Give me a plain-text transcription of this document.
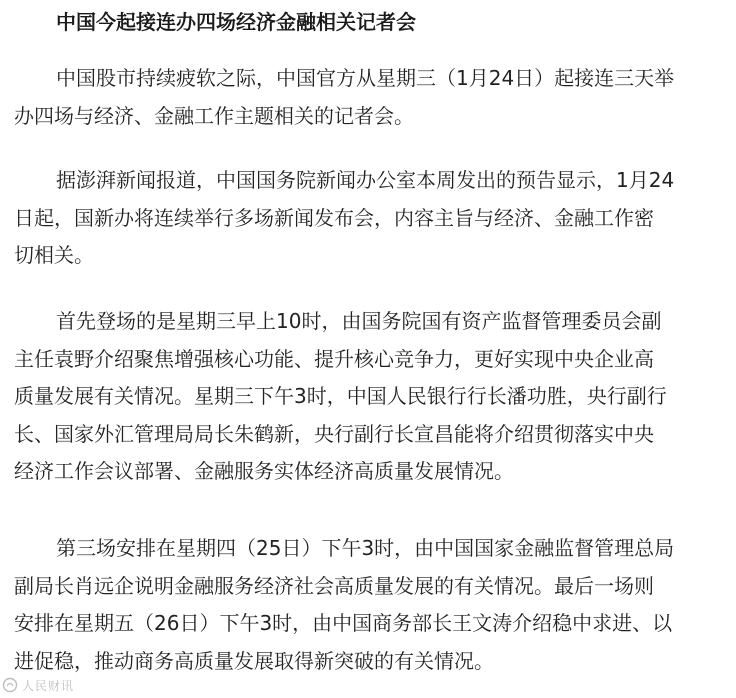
中国今起接连办四场经济金融相关记者会

中国股市持续疲软之际，中国官方从星期三（1月24日）起接连三天举
办四场与经济、金融工作主题相关的记者会。

据澎湃新闻报道，中国国务院新闻办公室本周发出的预告显示，1月24
日起，国新办将连续举行多场新闻发布会，内容主旨与经济、金融工作密
切相关。

首先登场的是星期三早上10时，由国务院国有资产监督管理委员会副
主任袁野介绍聚焦增强核心功能、提升核心竞争力，更好实现中央企业高
质量发展有关情况。星期三下午3时，中国人民银行行长潘功胜，央行副行
长、国家外汇管理局局长朱鹤新，央行副行长宣昌能将介绍贯彻落实中央
经济工作会议部署、金融服务实体经济高质量发展情况。

第三场安排在星期四（25日）下午3时，由中国国家金融监督管理总局
副局长肖远企说明金融服务经济社会高质量发展的有关情况。最后一场则
安排在星期五（26日）下午3时，由中国商务部长王文涛介绍稳中求进、以
进促稳，推动商务高质量发展取得新突破的有关情况。

人民财讯
